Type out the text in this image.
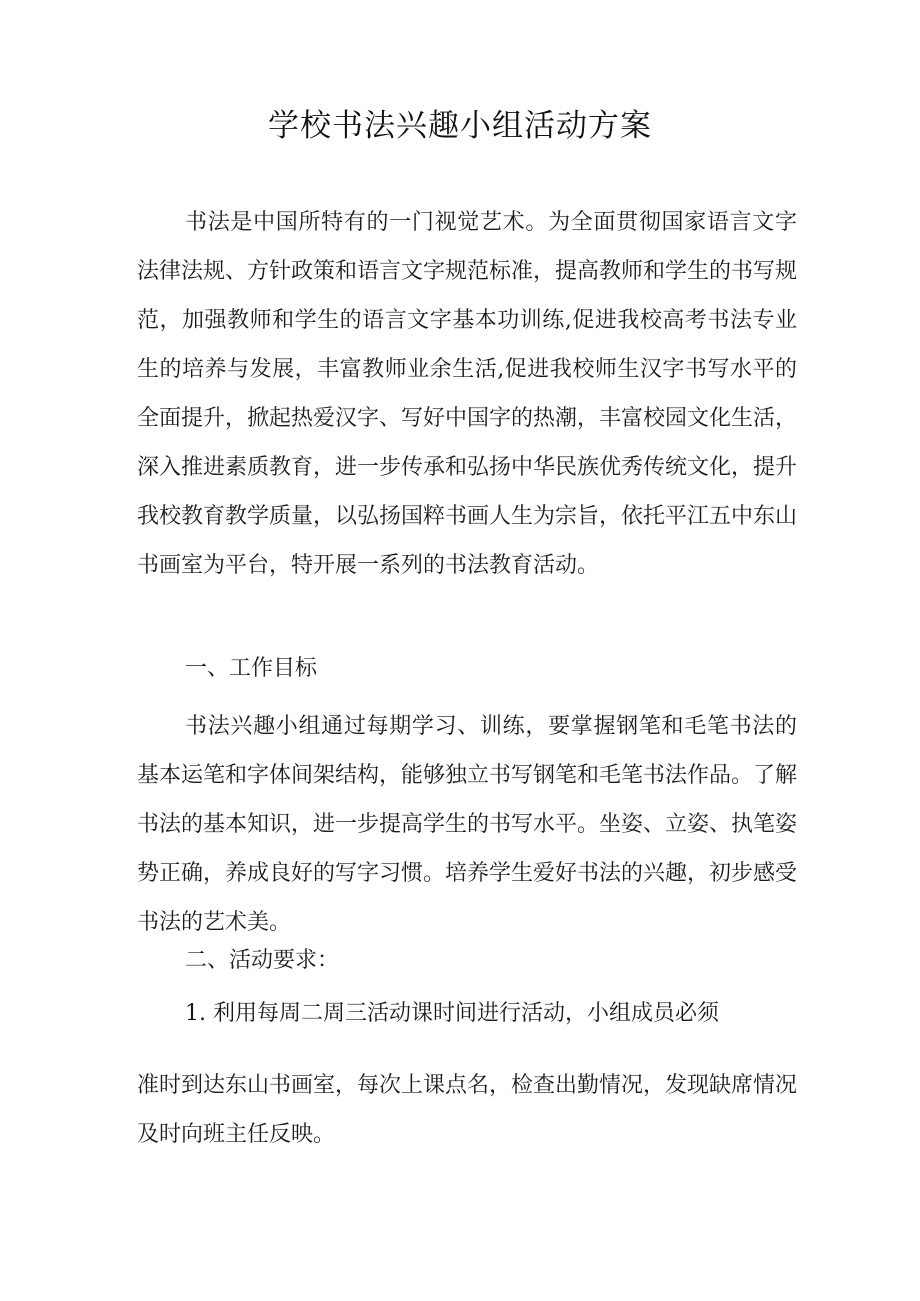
学校书法兴趣小组活动方案

书法是中国所特有的一门视觉艺术。为全面贯彻国家语言文字法律法规、方针政策和语言文字规范标准，提高教师和学生的书写规范，加强教师和学生的语言文字基本功训练,促进我校高考书法专业生的培养与发展，丰富教师业余生活,促进我校师生汉字书写水平的全面提升，掀起热爱汉字、写好中国字的热潮，丰富校园文化生活，深入推进素质教育，进一步传承和弘扬中华民族优秀传统文化，提升我校教育教学质量，以弘扬国粹书画人生为宗旨，依托平江五中东山书画室为平台，特开展一系列的书法教育活动。

一、工作目标

书法兴趣小组通过每期学习、训练，要掌握钢笔和毛笔书法的基本运笔和字体间架结构，能够独立书写钢笔和毛笔书法作品。了解书法的基本知识，进一步提高学生的书写水平。坐姿、立姿、执笔姿势正确，养成良好的写字习惯。培养学生爱好书法的兴趣，初步感受书法的艺术美。

二、活动要求：

1. 利用每周二周三活动课时间进行活动，小组成员必须

准时到达东山书画室，每次上课点名，检查出勤情况，发现缺席情况及时向班主任反映。
